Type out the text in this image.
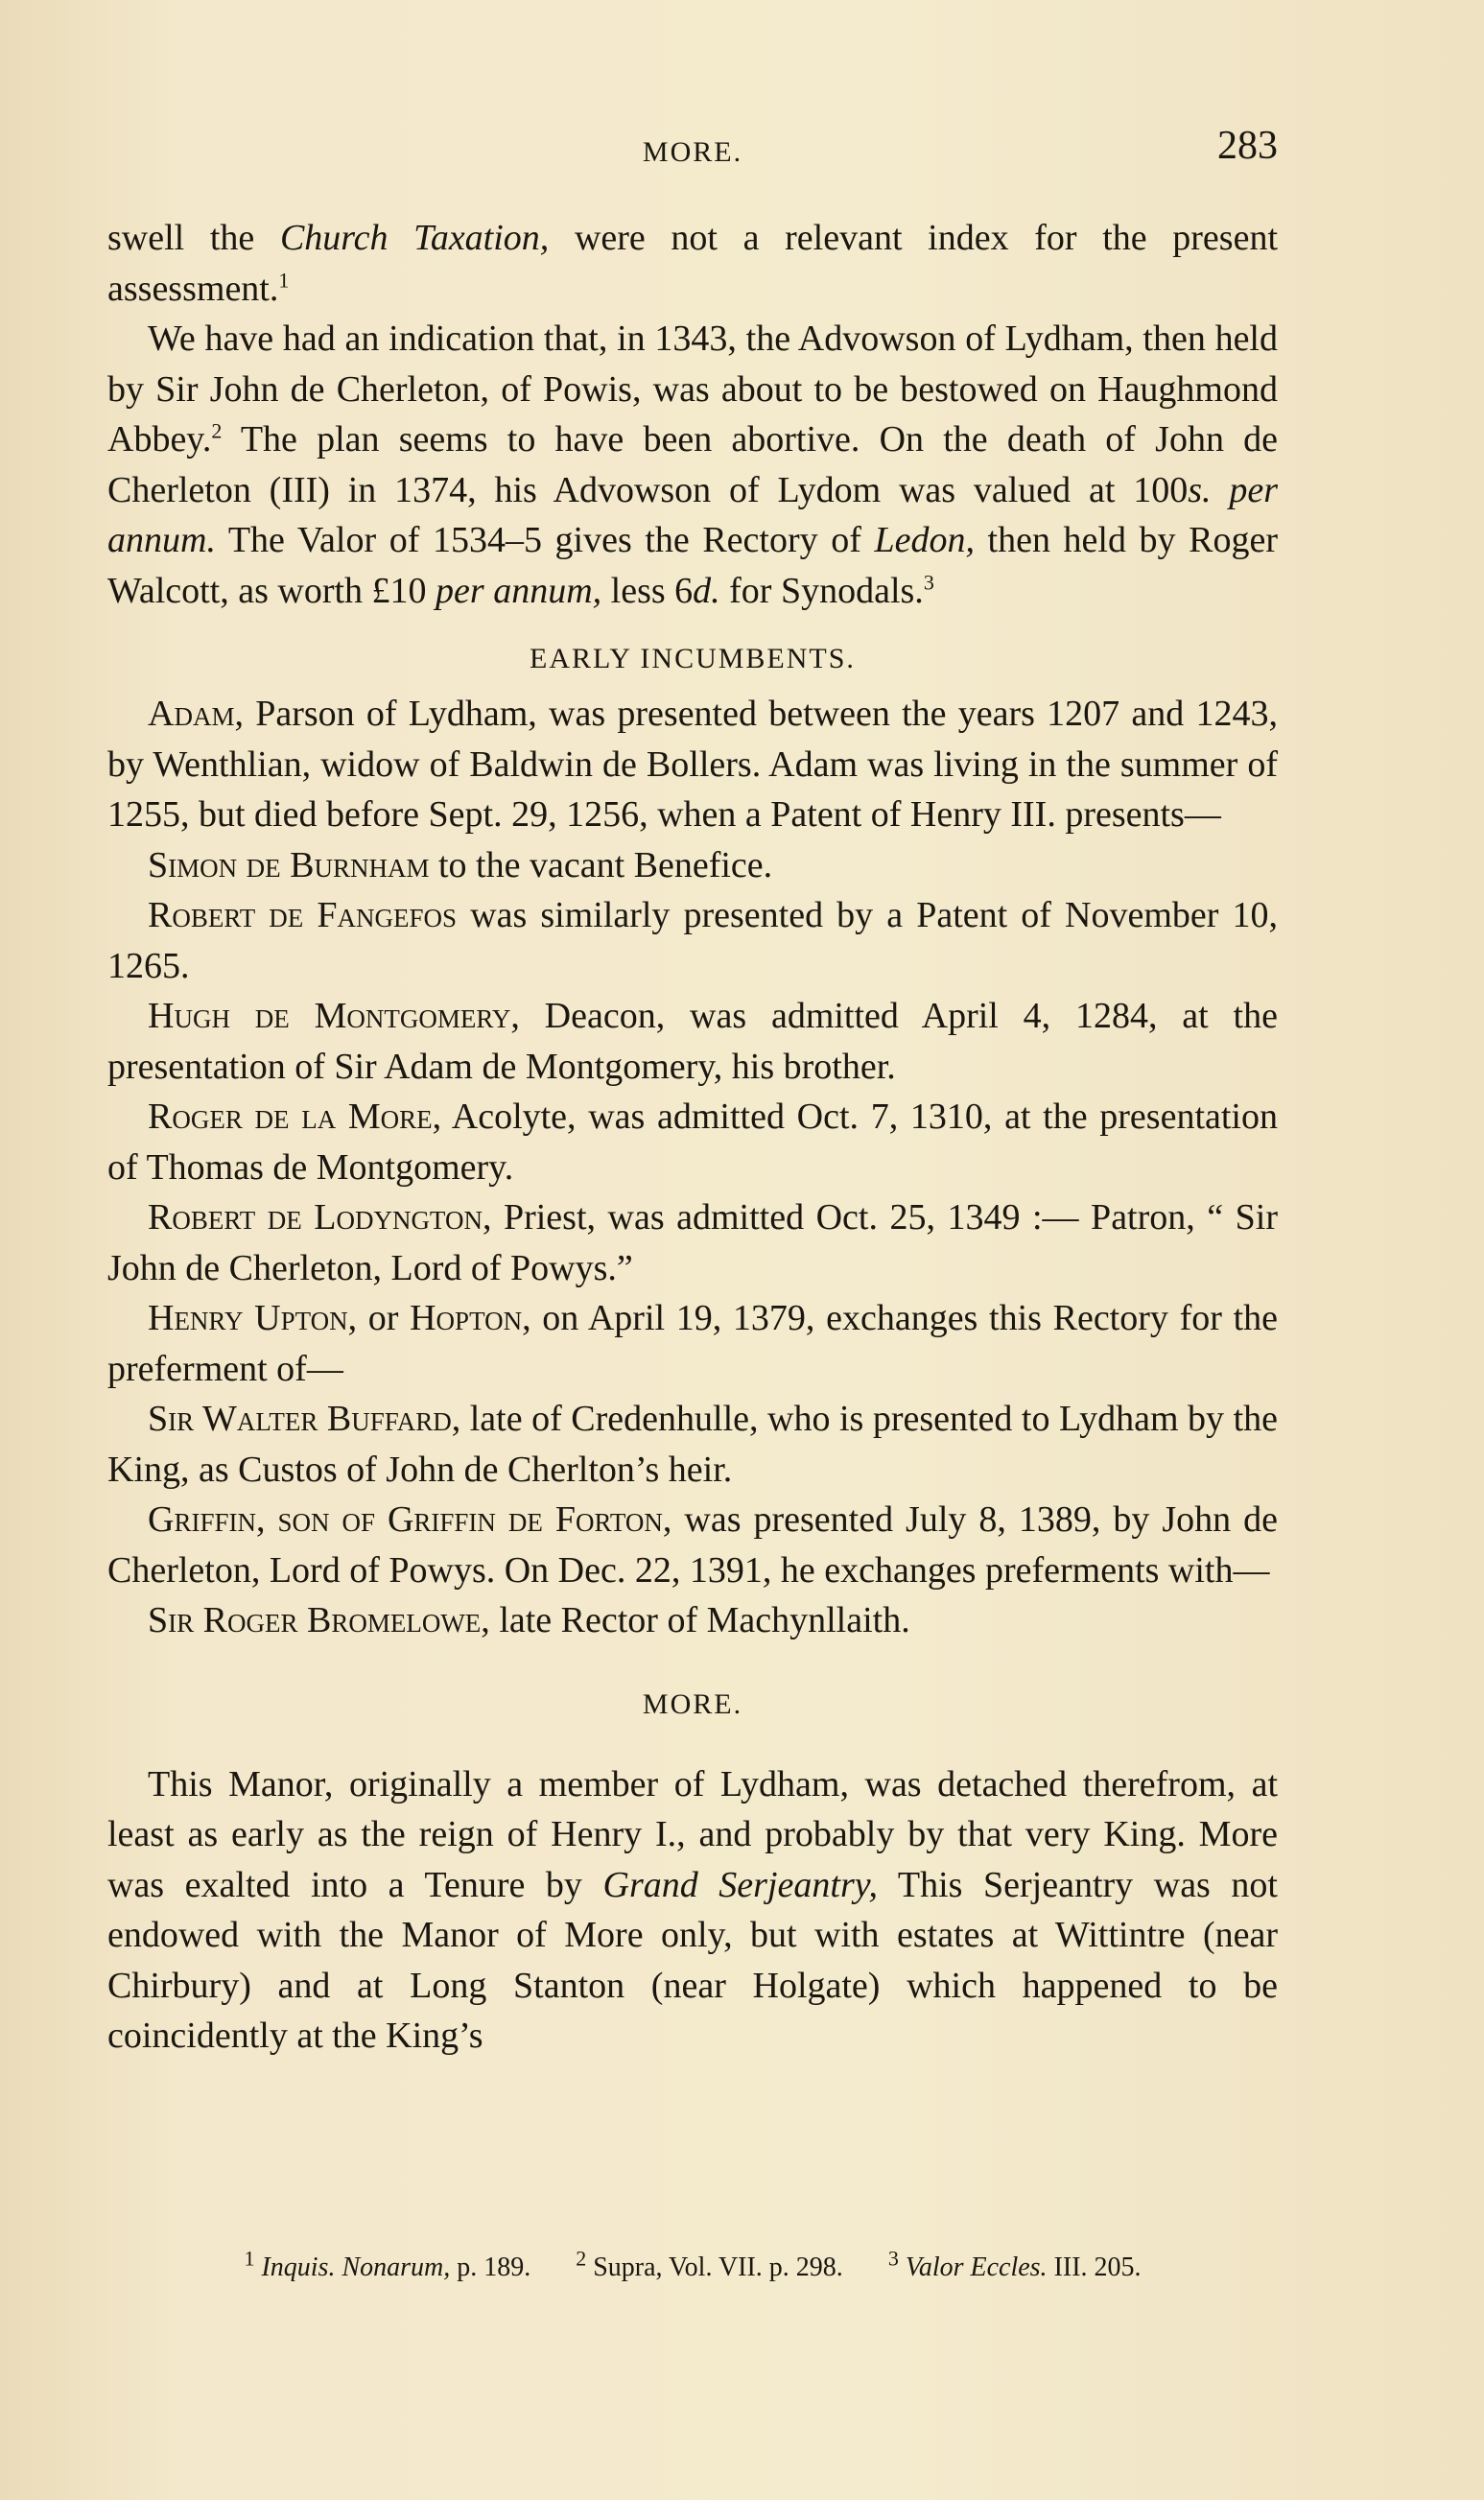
MORE.	283

swell the Church Taxation, were not a relevant index for the present assessment.$^1$

We have had an indication that, in 1343, the Advowson of Lydham, then held by Sir John de Cherleton, of Powis, was about to be bestowed on Haughmond Abbey.$^2$ The plan seems to have been abortive. On the death of John de Cherleton (III) in 1374, his Advowson of Lydom was valued at 100s. per annum. The Valor of 1534–5 gives the Rectory of Ledon, then held by Roger Walcott, as worth £10 per annum, less 6d. for Synodals.$^3$

EARLY INCUMBENTS.

Adam, Parson of Lydham, was presented between the years 1207 and 1243, by Wenthlian, widow of Baldwin de Bollers. Adam was living in the summer of 1255, but died before Sept. 29, 1256, when a Patent of Henry III. presents—

Simon de Burnham to the vacant Benefice.

Robert de Fangefos was similarly presented by a Patent of November 10, 1265.

Hugh de Montgomery, Deacon, was admitted April 4, 1284, at the presentation of Sir Adam de Montgomery, his brother.

Roger de la More, Acolyte, was admitted Oct. 7, 1310, at the presentation of Thomas de Montgomery.

Robert de Lodyngton, Priest, was admitted Oct. 25, 1349 :— Patron, “ Sir John de Cherleton, Lord of Powys.”

Henry Upton, or Hopton, on April 19, 1379, exchanges this Rectory for the preferment of—

Sir Walter Buffard, late of Credenhulle, who is presented to Lydham by the King, as Custos of John de Cherlton’s heir.

Griffin, son of Griffin de Forton, was presented July 8, 1389, by John de Cherleton, Lord of Powys. On Dec. 22, 1391, he exchanges preferments with—

Sir Roger Bromelowe, late Rector of Machynllaith.

MORE.

This Manor, originally a member of Lydham, was detached therefrom, at least as early as the reign of Henry I., and probably by that very King. More was exalted into a Tenure by Grand Serjeantry, This Serjeantry was not endowed with the Manor of More only, but with estates at Wittintre (near Chirbury) and at Long Stanton (near Holgate) which happened to be coincidently at the King’s

$^1$ Inquis. Nonarum, p. 189. $^2$ Supra, Vol. VII. p. 298. $^3$ Valor Eccles. III. 205.
